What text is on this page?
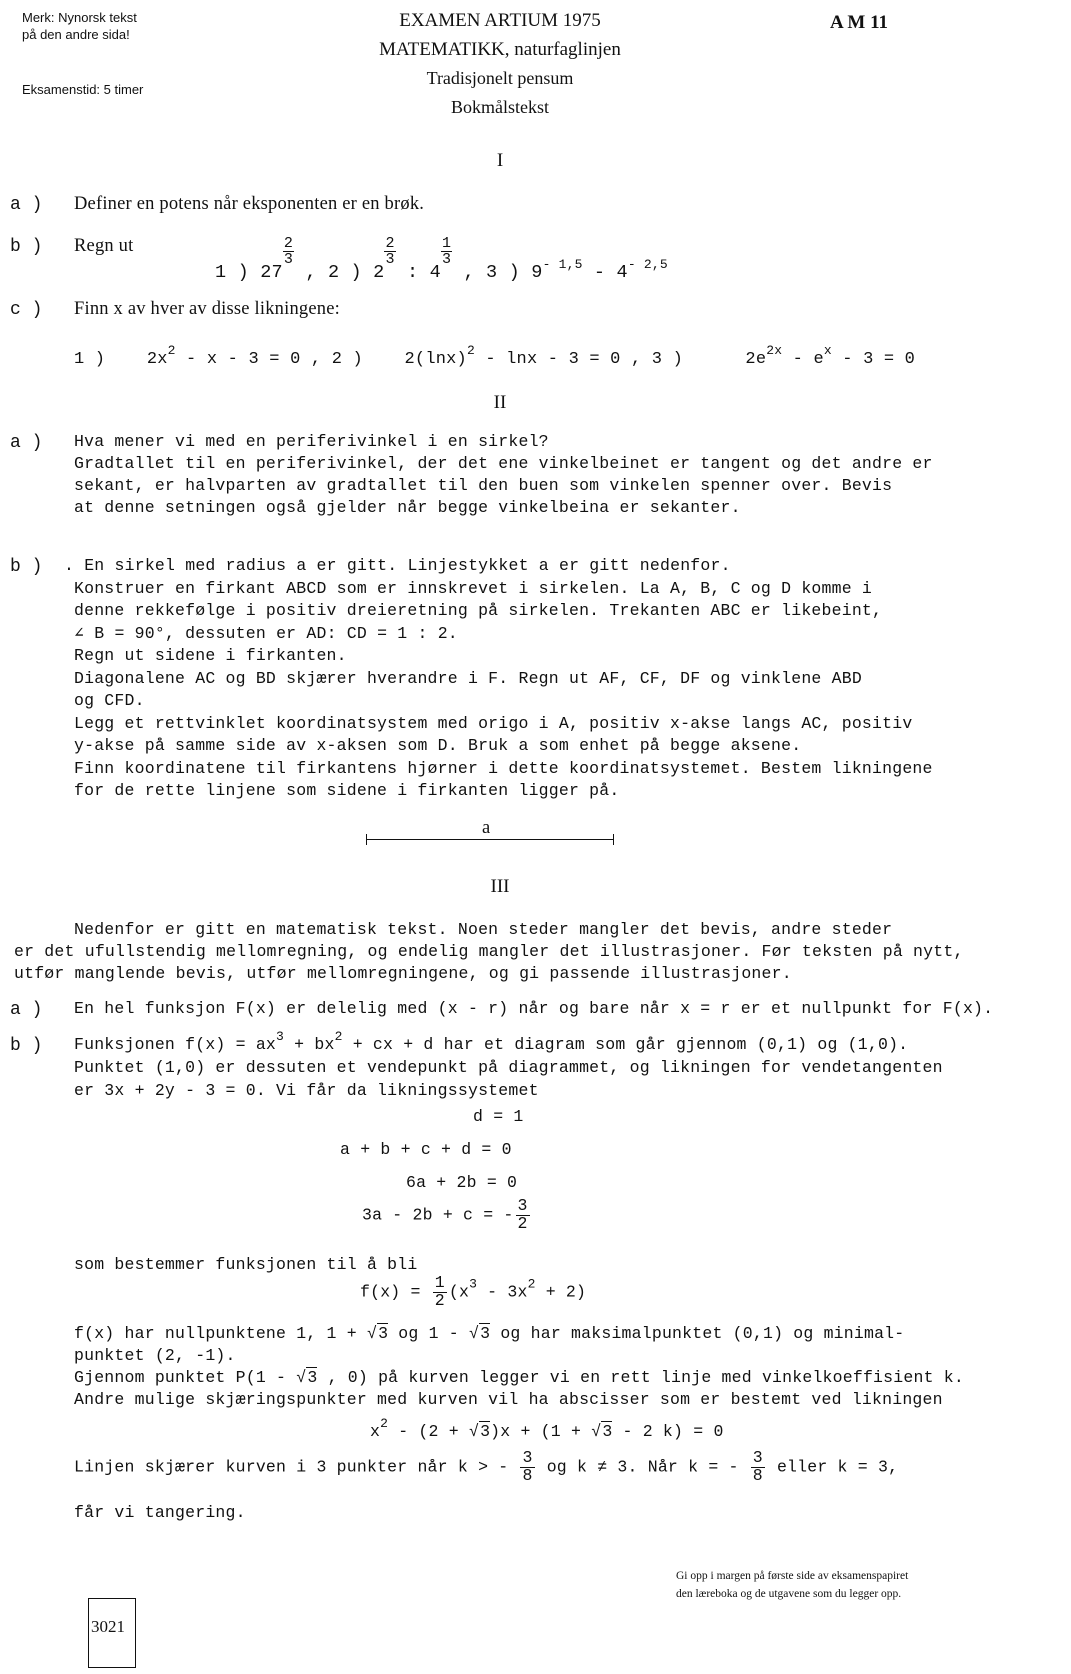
Merk: Nynorsk tekst
på den andre sida!
Eksamenstid: 5 timer
EXAMEN ARTIUM 1975
MATEMATIKK, naturfaglinjen
Tradisjonelt pensum
Bokmålstekst
A M 11
I
a ) Definer en potens når eksponenten er en brøk.
b ) Regn ut
1 ) 27
$\frac{2}{3}$
, 2 ) 2
$\frac{2}{3}$
: 4
$\frac{1}{3}$
, 3 ) $9^{- 1,5} - 4^{- 2,5}$
c ) Finn x av hver av disse likningene:
1 ) $2x^2 - x - 3 = 0$ , 2 ) $2(\ln x)^2 - \ln x - 3 = 0$ , 3 )	$2e^{2x} - e^x - 3 = 0$
II
a ) Hva mener vi med en periferivinkel i en sirkel?
Gradtallet til en periferivinkel, der det ene vinkelbeinet er tangent og det andre er
sekant, er halvparten av gradtallet til den buen som vinkelen spenner over. Bevis
at denne setningen også gjelder når begge vinkelbeina er sekanter.
b ) . En sirkel med radius a er gitt. Linjestykket a er gitt nedenfor.
Konstruer en firkant ABCD som er innskrevet i sirkelen. La A, B, C og D komme i
denne rekkefølge i positiv dreieretning på sirkelen. Trekanten ABC er likebeint,
∠ B = 90°, dessuten er AD: CD = 1 : 2.
Regn ut sidene i firkanten.
Diagonalene AC og BD skjærer hverandre i F. Regn ut AF, CF, DF og vinklene ABD
og CFD.
Legg et rettvinklet koordinatsystem med origo i A, positiv x-akse langs AC, positiv
y-akse på samme side av x-aksen som D. Bruk a som enhet på begge aksene.
Finn koordinatene til firkantens hjørner i dette koordinatsystemet. Bestem likningene
for de rette linjene som sidene i firkanten ligger på.
a
III
Nedenfor er gitt en matematisk tekst. Noen steder mangler det bevis, andre steder
er det ufullstendig mellomregning, og endelig mangler det illustrasjoner. Før teksten på nytt,
utfør manglende bevis, utfør mellomregningene, og gi passende illustrasjoner.
a ) En hel funksjon F(x) er delelig med (x - r) når og bare når x = r er et nullpunkt for F(x).
b ) Funksjonen $f(x) = ax^3 + bx^2$ + cx + d har et diagram som går gjennom (0,1) og (1,0).
Punktet (1,0) er dessuten et vendepunkt på diagrammet, og likningen for vendetangenten
er 3x + 2y - 3 = 0. Vi får da likningssystemet
d = 1
a + b + c + d = 0
6a + 2b = 0
3a - 2b + c = - $\frac{3}{2}$
som bestemmer funksjonen til å bli
$f(x) = \frac{1}{2} (x^3 - 3x^2 + 2)$
f(x) har nullpunktene 1, 1 + √3 og 1 - √3 og har maksimalpunktet (0,1) og minimal-
punktet (2, -1).
Gjennom punktet P(1 - √3 , 0) på kurven legger vi en rett linje med vinkelkoeffisient k.
Andre mulige skjæringspunkter med kurven vil ha abscisser som er bestemt ved likningen
$x^2 - (2 + √3)x + (1 + √3 - 2$ k) = 0
Linjen skjærer kurven i 3 punkter når k > - $\frac{3}{8}$ og k ≠ 3. Når k = - $\frac{3}{8}$ eller k = 3,
får vi tangering.
Gi opp i margen på første side av eksamenspapiret
den læreboka og de utgavene som du legger opp.
3021
